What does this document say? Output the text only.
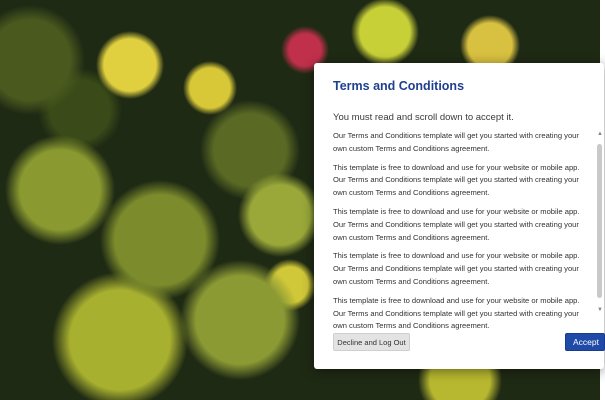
Terms and Conditions

You must read and scroll down to accept it.

Our Terms and Conditions template will get you started with creating your own custom Terms and Conditions agreement.

This template is free to download and use for your website or mobile app. Our Terms and Conditions template will get you started with creating your own custom Terms and Conditions agreement.

This template is free to download and use for your website or mobile app. Our Terms and Conditions template will get you started with creating your own custom Terms and Conditions agreement.

This template is free to download and use for your website or mobile app. Our Terms and Conditions template will get you started with creating your own custom Terms and Conditions agreement.

This template is free to download and use for your website or mobile app. Our Terms and Conditions template will get you started with creating your own custom Terms and Conditions agreement.

▲
▼
Decline and Log Out	Accept
